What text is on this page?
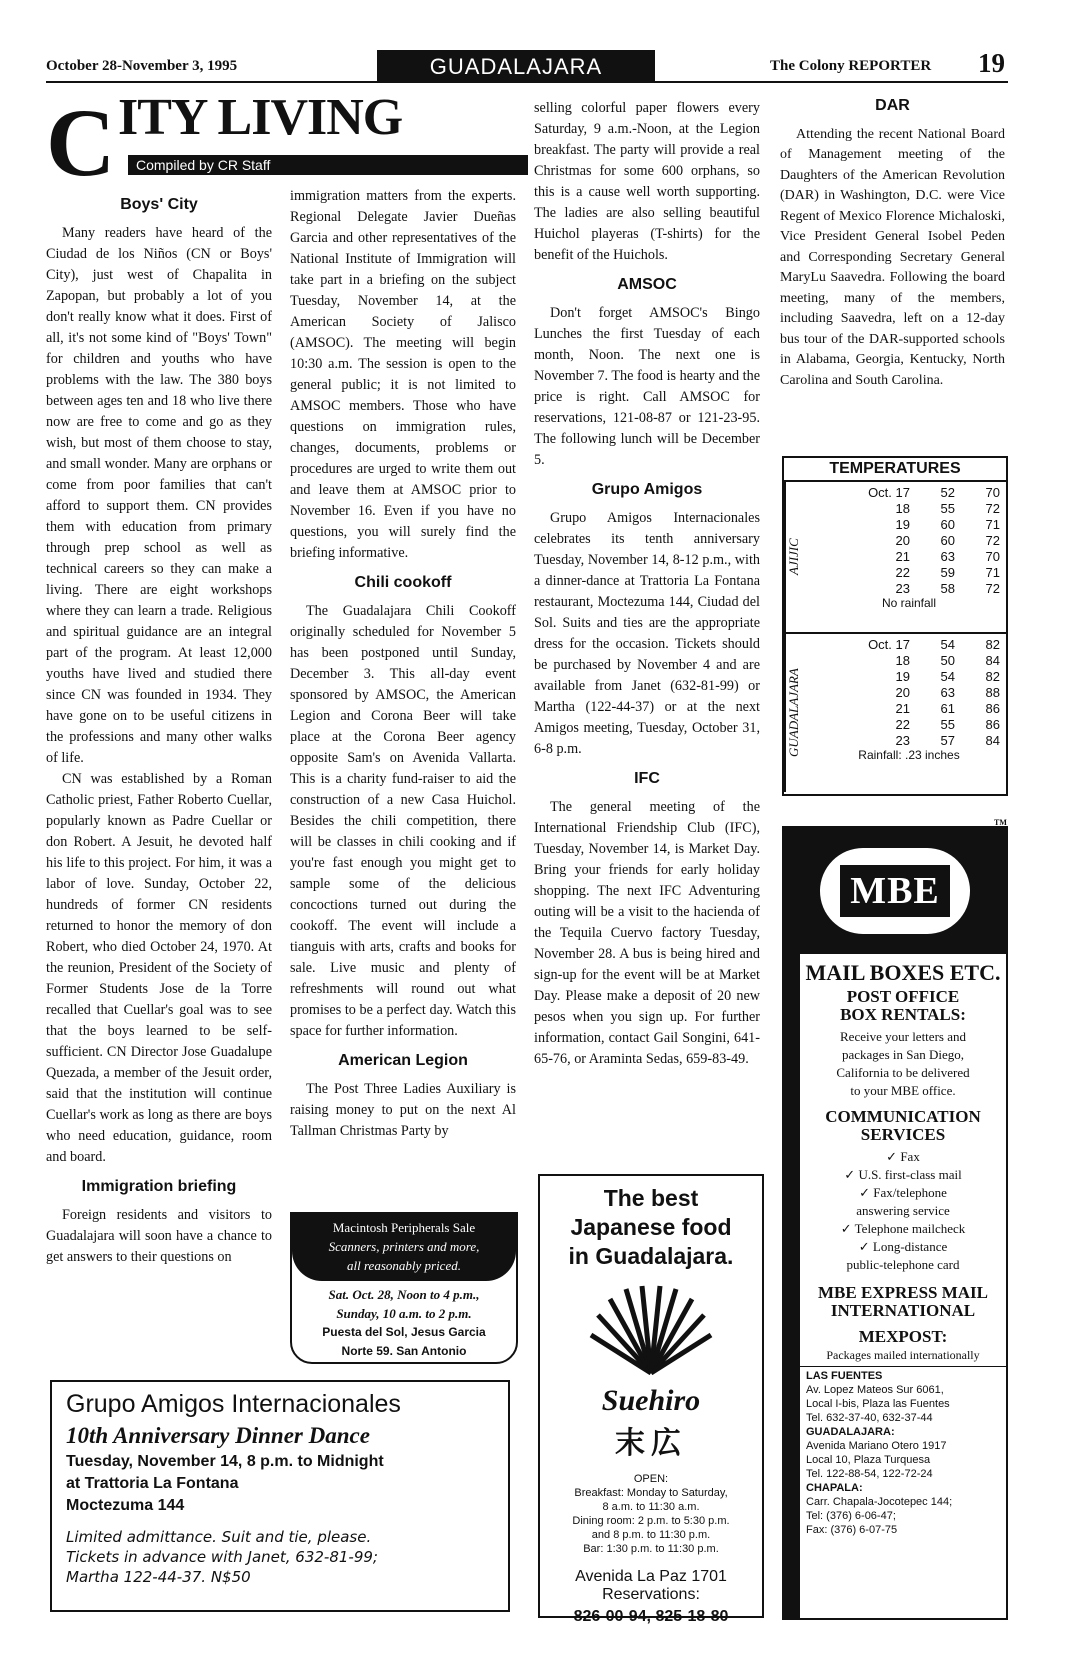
October 28-November 3, 1995	GUADALAJARA	The Colony REPORTER 19
C ITY LIVING
Compiled by CR Staff
Boys' City

Many readers have heard of the Ciudad de los Niños (CN or Boys' City), just west of Chapalita in Zapopan, but probably a lot of you don't really know what it does. First of all, it's not some kind of "Boys' Town" for children and youths who have problems with the law. The 380 boys between ages ten and 18 who live there now are free to come and go as they wish, but most of them choose to stay, and small wonder. Many are orphans or come from poor families that can't afford to support them. CN provides them with education from primary through prep school as well as technical careers so they can make a living. There are eight workshops where they can learn a trade. Religious and spiritual guidance are an integral part of the program. At least 12,000 youths have lived and studied there since CN was founded in 1934. They have gone on to be useful citizens in the professions and many other walks of life.

CN was established by a Roman Catholic priest, Father Roberto Cuellar, popularly known as Padre Cuellar or don Robert. A Jesuit, he devoted half his life to this project. For him, it was a labor of love. Sunday, October 22, hundreds of former CN residents returned to honor the memory of don Robert, who died October 24, 1970. At the reunion, President of the Society of Former Students Jose de la Torre recalled that Cuellar's goal was to see that the boys learned to be self-sufficient. CN Director Jose Guadalupe Quezada, a member of the Jesuit order, said that the institution will continue Cuellar's work as long as there are boys who need education, guidance, room and board.

Immigration briefing

Foreign residents and visitors to Guadalajara will soon have a chance to get answers to their questions on

immigration matters from the experts. Regional Delegate Javier Dueñas Garcia and other representatives of the National Institute of Immigration will take part in a briefing on the subject Tuesday, November 14, at the American Society of Jalisco (AMSOC). The meeting will begin 10:30 a.m. The session is open to the general public; it is not limited to AMSOC members. Those who have questions on immigration rules, changes, documents, problems or procedures are urged to write them out and leave them at AMSOC prior to November 16. Even if you have no questions, you will surely find the briefing informative.

Chili cookoff

The Guadalajara Chili Cookoff originally scheduled for November 5 has been postponed until Sunday, December 3. This all-day event sponsored by AMSOC, the American Legion and Corona Beer will take place at the Corona Beer agency opposite Sam's on Avenida Vallarta. This is a charity fund-raiser to aid the construction of a new Casa Huichol. Besides the chili competition, there will be classes in chili cooking and if you're fast enough you might get to sample some of the delicious concoctions turned out during the cookoff. The event will include a tianguis with arts, crafts and books for sale. Live music and plenty of refreshments will round out what promises to be a perfect day. Watch this space for further information.

American Legion

The Post Three Ladies Auxiliary is raising money to put on the next Al Tallman Christmas Party by

Macintosh Peripherals Sale
Scanners, printers and more,
all reasonably priced.
Sat. Oct. 28, Noon to 4 p.m.,
Sunday, 10 a.m. to 2 p.m.
Puesta del Sol, Jesus Garcia
Norte 59. San Antonio

selling colorful paper flowers every Saturday, 9 a.m.-Noon, at the Legion breakfast. The party will provide a real Christmas for some 600 orphans, so this is a cause well worth supporting. The ladies are also selling beautiful Huichol playeras (T-shirts) for the benefit of the Huichols.

AMSOC

Don't forget AMSOC's Bingo Lunches the first Tuesday of each month, Noon. The next one is November 7. The food is hearty and the price is right. Call AMSOC for reservations, 121-08-87 or 121-23-95. The following lunch will be December 5.

Grupo Amigos

Grupo Amigos Internacionales celebrates its tenth anniversary Tuesday, November 14, 8-12 p.m., with a dinner-dance at Trattoria La Fontana restaurant, Moctezuma 144, Ciudad del Sol. Suits and ties are the appropriate dress for the occasion. Tickets should be purchased by November 4 and are available from Janet (632-81-99) or Martha (122-44-37) or at the next Amigos meeting, Tuesday, October 31, 6-8 p.m.

IFC

The general meeting of the International Friendship Club (IFC), Tuesday, November 14, is Market Day. Bring your friends for early holiday shopping. The next IFC Adventuring outing will be a visit to the hacienda of the Tequila Cuervo factory Tuesday, November 28. A bus is being hired and sign-up for the event will be at Market Day. Please make a deposit of 20 new pesos when you sign up. For further information, contact Gail Songini, 641-65-76, or Araminta Sedas, 659-83-49.

The best
Japanese food
in Guadalajara.
Suehiro
末広
OPEN:
Breakfast: Monday to Saturday,
8 a.m. to 11:30 a.m.
Dining room: 2 p.m. to 5:30 p.m.
and 8 p.m. to 11:30 p.m.
Bar: 1:30 p.m. to 11:30 p.m.
Avenida La Paz 1701
Reservations:
826-00-94, 825-18-80
Grupo Amigos Internacionales
10th Anniversary Dinner Dance
Tuesday, November 14, 8 p.m. to Midnight
at Trattoria La Fontana
Moctezuma 144
Limited admittance. Suit and tie, please.
Tickets in advance with Janet, 632-81-99;
Martha 122-44-37. N$50
DAR

Attending the recent National Board of Management meeting of the Daughters of the American Revolution (DAR) in Washington, D.C. were Vice Regent of Mexico Florence Michaloski, Vice President General Isobel Peden and Corresponding Secretary General MaryLu Saavedra. Following the board meeting, many of the members, including Saavedra, left on a 12-day bus tour of the DAR-supported schools in Alabama, Georgia, Kentucky, North Carolina and South Carolina.

TEMPERATURES
AJIJIC
Oct. 17	52	70
18	55	72
19	60	71
20	60	72
21	63	70
22	59	71
23	58	72
No rainfall
GUADALAJARA
Oct. 17	54	82
18	50	84
19	54	82
20	63	88
21	61	86
22	55	86
23	57	84
Rainfall: .23 inches
TM
MBE
MAIL BOXES ETC.
POST OFFICE
BOX RENTALS:
Receive your letters and
packages in San Diego,
California to be delivered
to your MBE office.
COMMUNICATION
SERVICES
✓ Fax
✓ U.S. first-class mail
✓ Fax/telephone
answering service
✓ Telephone mailcheck
✓ Long-distance
public-telephone card
MBE EXPRESS MAIL
INTERNATIONAL
MEXPOST:
Packages mailed internationally
LAS FUENTES
Av. Lopez Mateos Sur 6061,
Local I-bis, Plaza las Fuentes
Tel. 632-37-40, 632-37-44
GUADALAJARA:
Avenida Mariano Otero 1917
Local 10, Plaza Turquesa
Tel. 122-88-54, 122-72-24
CHAPALA:
Carr. Chapala-Jocotepec 144;
Tel: (376) 6-06-47;
Fax: (376) 6-07-75
